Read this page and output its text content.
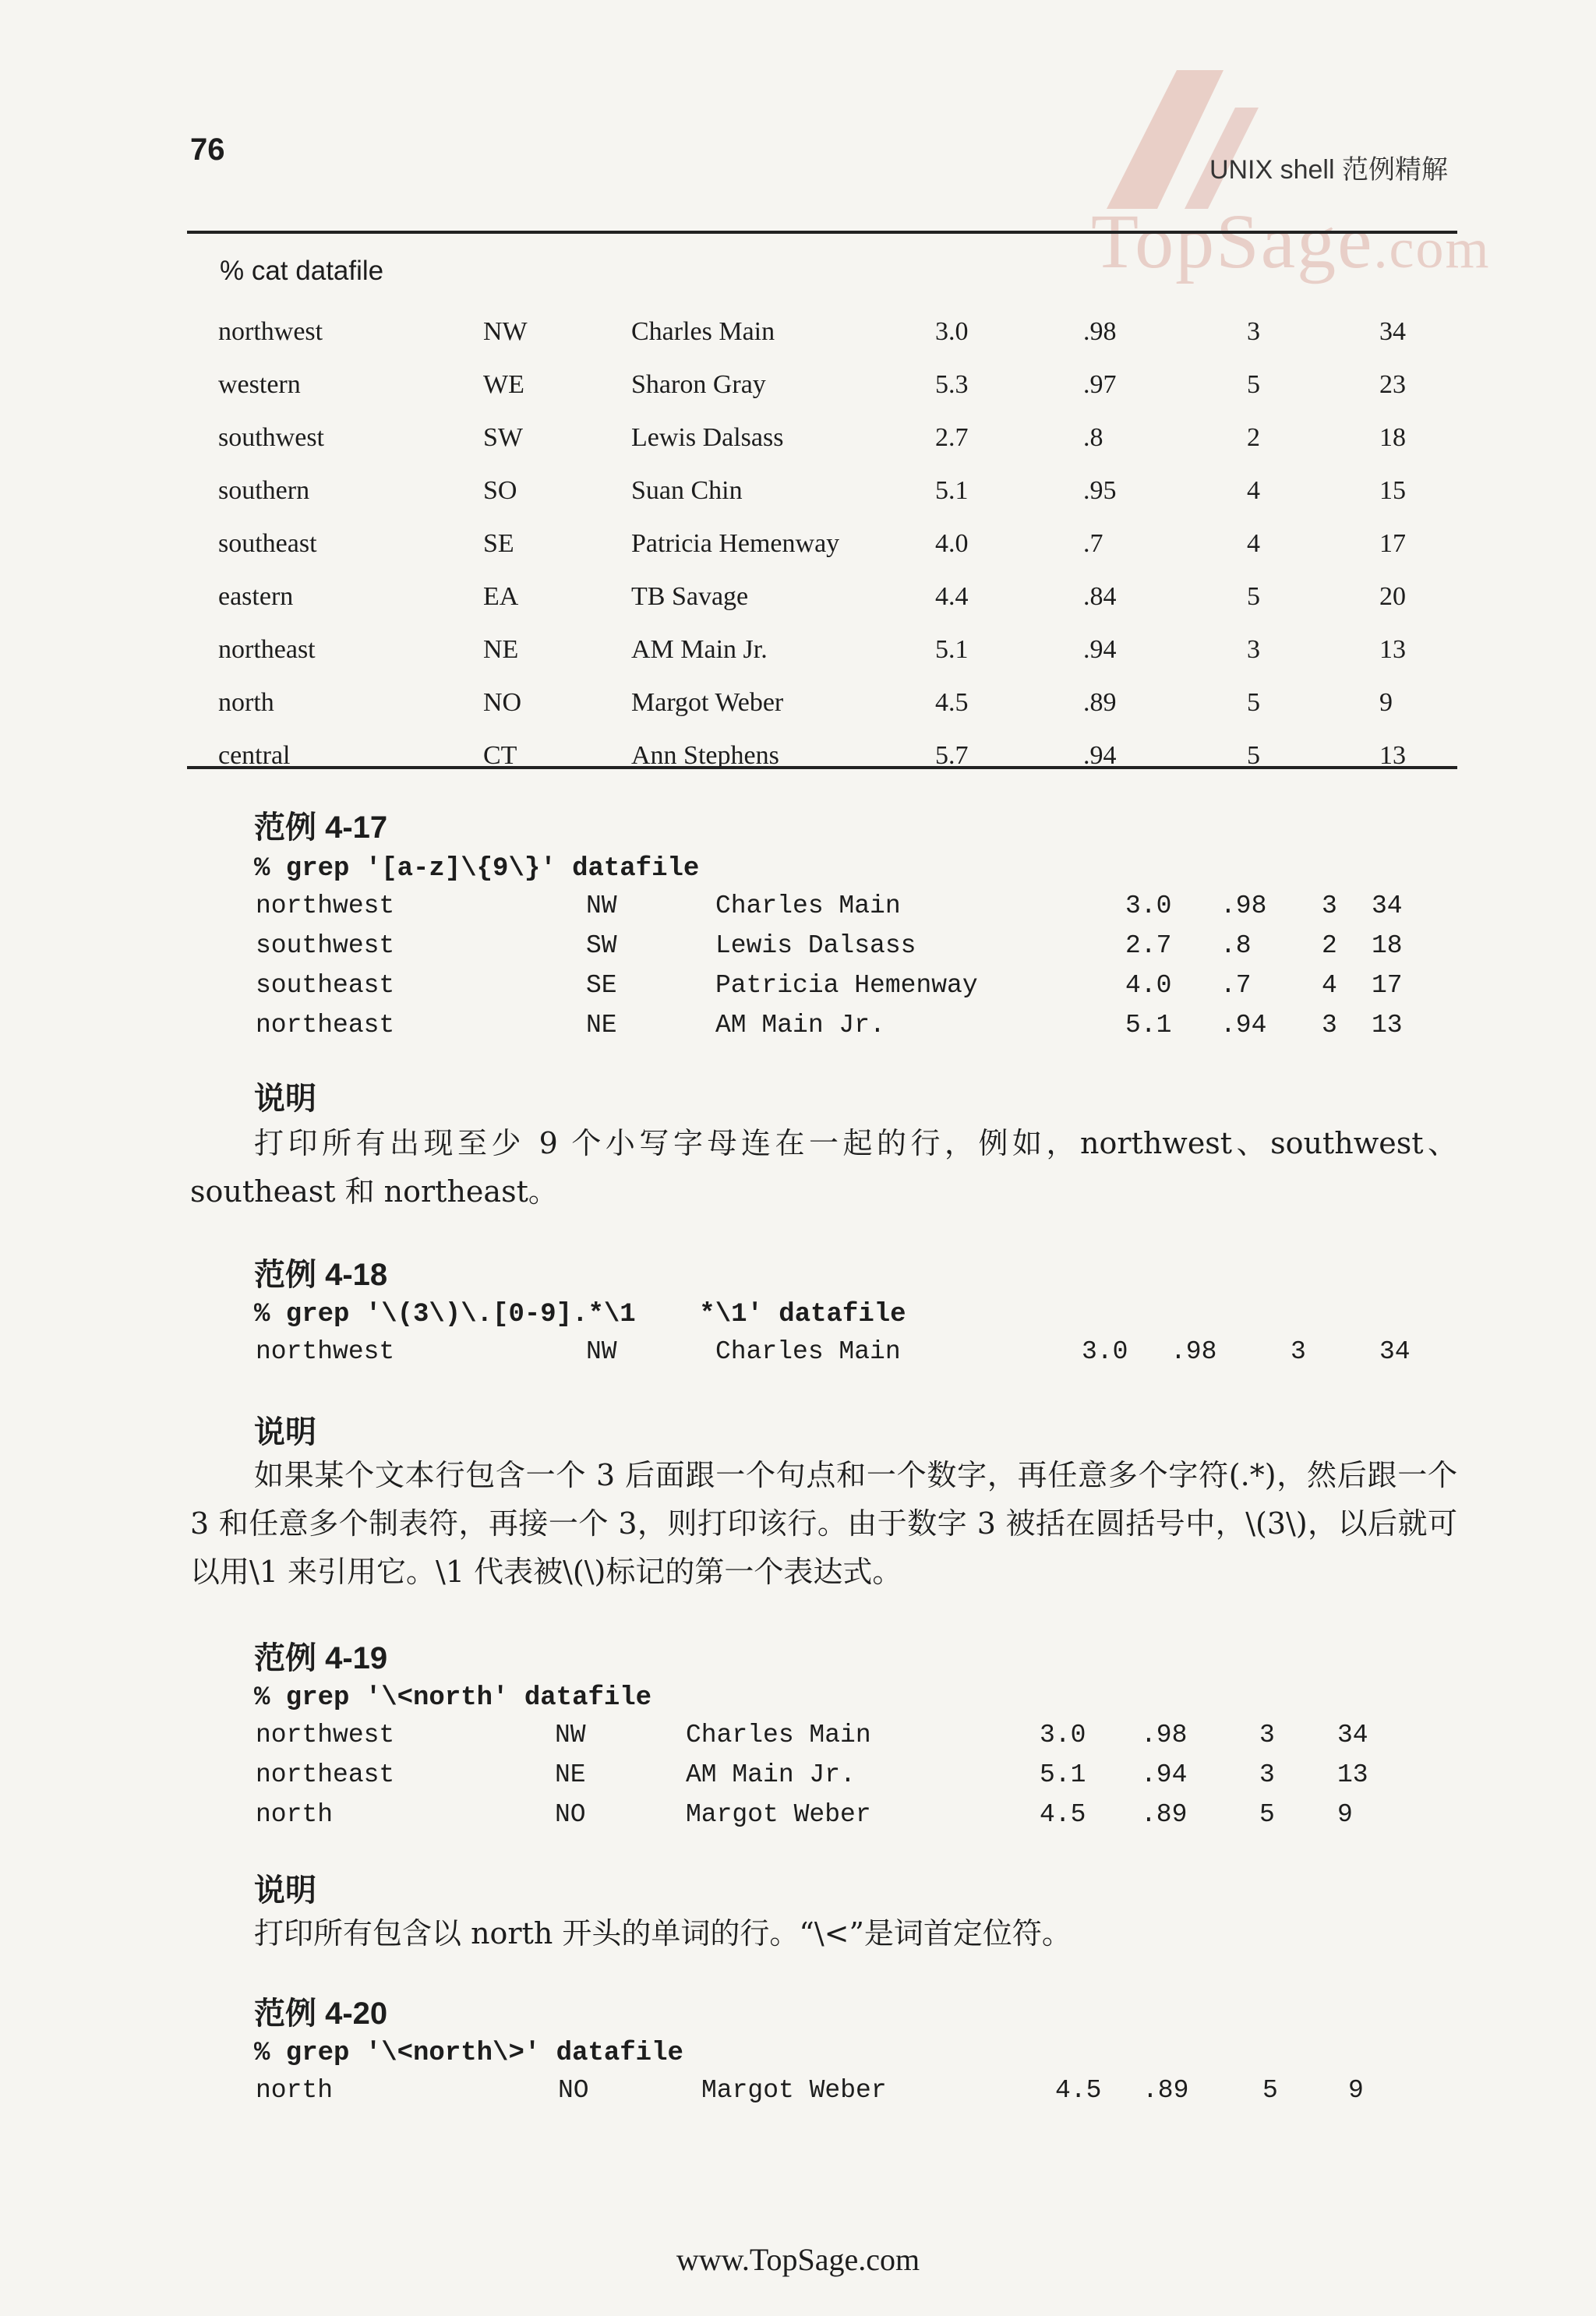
76
UNIX shell 范例精解
TopSage.com
% cat datafile
northwest	NW	Charles Main	3.0	.98	3	34
western	WE	Sharon Gray	5.3	.97	5	23
southwest	SW	Lewis Dalsass	2.7	.8	2	18
southern	SO	Suan Chin	5.1	.95	4	15
southeast	SE	Patricia Hemenway	4.0	.7	4	17
eastern	EA	TB Savage	4.4	.84	5	20
northeast	NE	AM Main Jr.	5.1	.94	3	13
north	NO	Margot Weber	4.5	.89	5	9
central	CT	Ann Stephens	5.7	.94	5	13
范例 4-17
% grep '[a-z]\{9\}' datafile
说明
打印所有出现至少 9 个小写字母连在一起的行，例如，northwest、southwest、southeast 和 northeast。
范例 4-18
% grep '\(3\)\.[0-9].*\1    *\1' datafile
说明
如果某个文本行包含一个 3 后面跟一个句点和一个数字，再任意多个字符(.*)，然后跟一个 3 和任意多个制表符，再接一个 3，则打印该行。由于数字 3 被括在圆括号中，\(3\)，以后就可以用\1 来引用它。\1 代表被\(\)标记的第一个表达式。
范例 4-19
% grep '\<north' datafile
说明
打印所有包含以 north 开头的单词的行。“\<”是词首定位符。
范例 4-20
% grep '\<north\>' datafile
www.TopSage.com
northwest	NW	Charles Main	3.0 .98 3 34
southwest	SW	Lewis Dalsass	2.7 .8	2 18
southeast	SE	Patricia Hemenway	4.0 .7	4 17
northeast	NE	AM Main Jr.	5.1 .94 3 13
northwest	NW	Charles Main	3.0 .98	3	34
northwest	NW	Charles Main	3.0 .98	3 34
northeast	NE	AM Main Jr.	5.1 .94	3 13
north	NO	Margot Weber	4.5 .89	5 9
north	NO	Margot Weber	4.5 .89	5	9
